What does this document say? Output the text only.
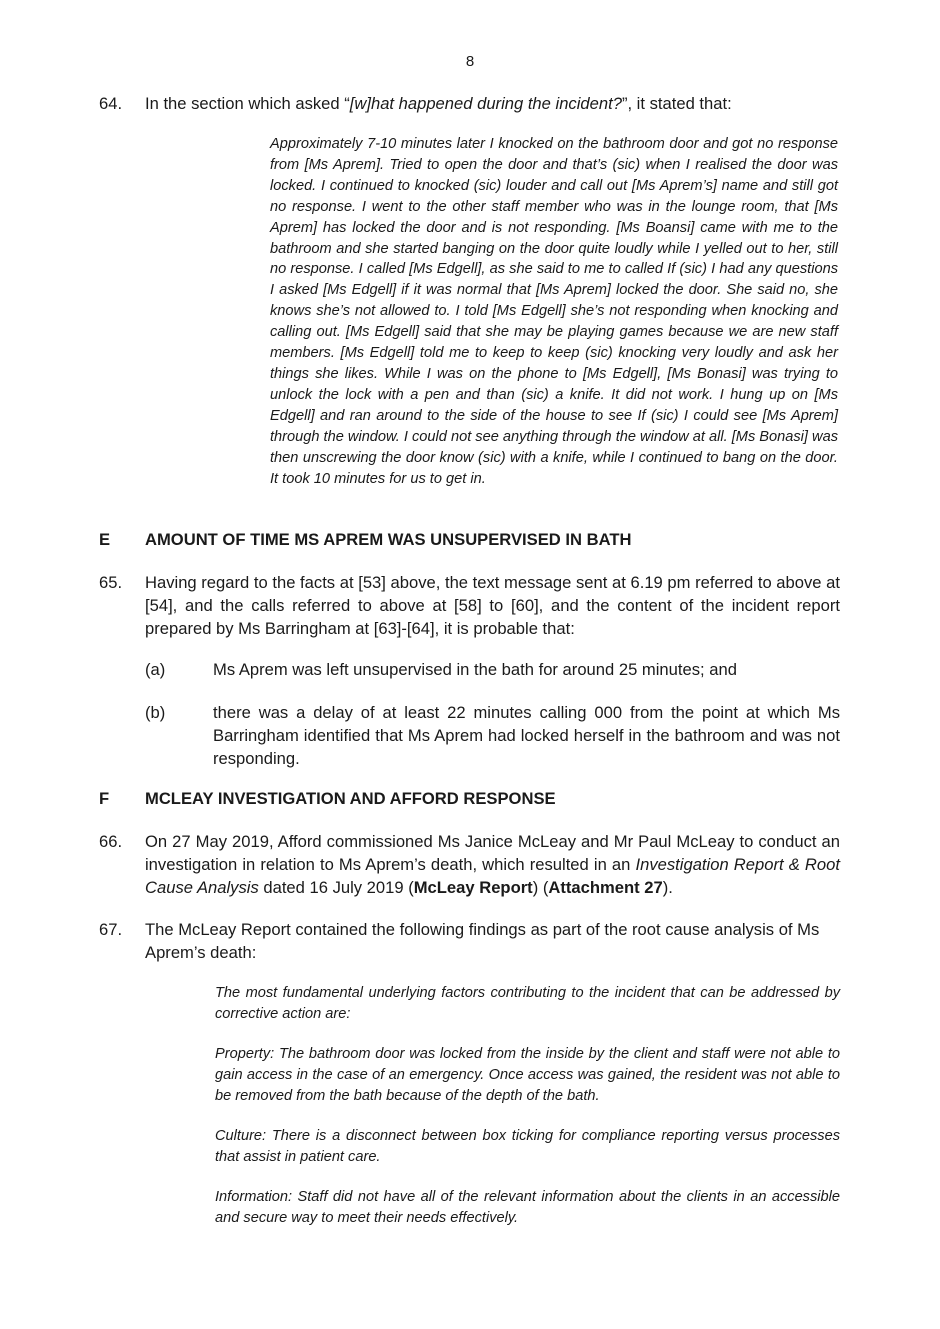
8
64. In the section which asked “[w]hat happened during the incident?”, it stated that:
Approximately 7-10 minutes later I knocked on the bathroom door and got no response from [Ms Aprem]. Tried to open the door and that’s (sic) when I realised the door was locked. I continued to knocked (sic) louder and call out [Ms Aprem’s] name and still got no response. I went to the other staff member who was in the lounge room, that [Ms Aprem] has locked the door and is not responding. [Ms Boansi] came with me to the bathroom and she started banging on the door quite loudly while I yelled out to her, still no response. I called [Ms Edgell], as she said to me to called If (sic) I had any questions I asked [Ms Edgell] if it was normal that [Ms Aprem] locked the door. She said no, she knows she’s not allowed to. I told [Ms Edgell] she’s not responding when knocking and calling out. [Ms Edgell] said that she may be playing games because we are new staff members. [Ms Edgell] told me to keep to keep (sic) knocking very loudly and ask her things she likes. While I was on the phone to [Ms Edgell], [Ms Bonasi] was trying to unlock the lock with a pen and than (sic) a knife. It did not work. I hung up on [Ms Edgell] and ran around to the side of the house to see If (sic) I could see [Ms Aprem] through the window. I could not see anything through the window at all. [Ms Bonasi] was then unscrewing the door know (sic) with a knife, while I continued to bang on the door. It took 10 minutes for us to get in.
E AMOUNT OF TIME MS APREM WAS UNSUPERVISED IN BATH
65. Having regard to the facts at [53] above, the text message sent at 6.19 pm referred to above at [54], and the calls referred to above at [58] to [60], and the content of the incident report prepared by Ms Barringham at [63]-[64], it is probable that:
(a)	Ms Aprem was left unsupervised in the bath for around 25 minutes; and
(b)	there was a delay of at least 22 minutes calling 000 from the point at which Ms Barringham identified that Ms Aprem had locked herself in the bathroom and was not responding.
F MCLEAY INVESTIGATION AND AFFORD RESPONSE
66. On 27 May 2019, Afford commissioned Ms Janice McLeay and Mr Paul McLeay to conduct an investigation in relation to Ms Aprem’s death, which resulted in an Investigation Report & Root Cause Analysis dated 16 July 2019 (McLeay Report) (Attachment 27).
67. The McLeay Report contained the following findings as part of the root cause analysis of Ms Aprem’s death:
The most fundamental underlying factors contributing to the incident that can be addressed by corrective action are:
Property: The bathroom door was locked from the inside by the client and staff were not able to gain access in the case of an emergency. Once access was gained, the resident was not able to be removed from the bath because of the depth of the bath.
Culture: There is a disconnect between box ticking for compliance reporting versus processes that assist in patient care.
Information: Staff did not have all of the relevant information about the clients in an accessible and secure way to meet their needs effectively.
